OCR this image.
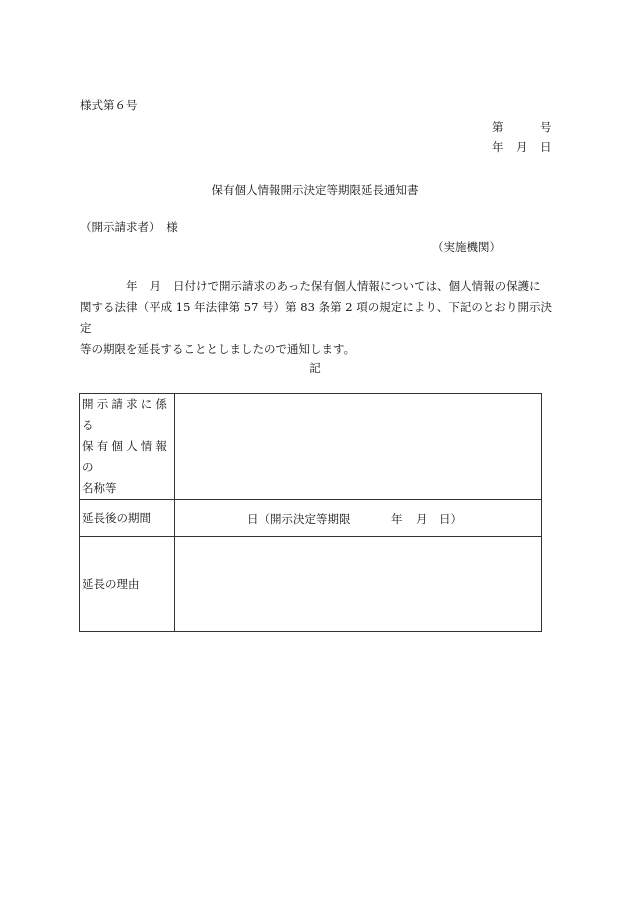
様式第６号
第	号
年 月 日
保有個人情報開示決定等期限延長通知書
（開示請求者）　様
（実施機関）

年 月 日付けで開示請求のあった保有個人情報については、個人情報の保護に

関する法律（平成 15 年法律第 57 号）第 83 条第 2 項の規定により、下記のとおり開示決定

等の期限を延長することとしましたので通知します。

記
開示請求に係る
保有個人情報の
名称等	

延長後の期間	日（開示決定等期限 年 月 日）

延長の理由	
